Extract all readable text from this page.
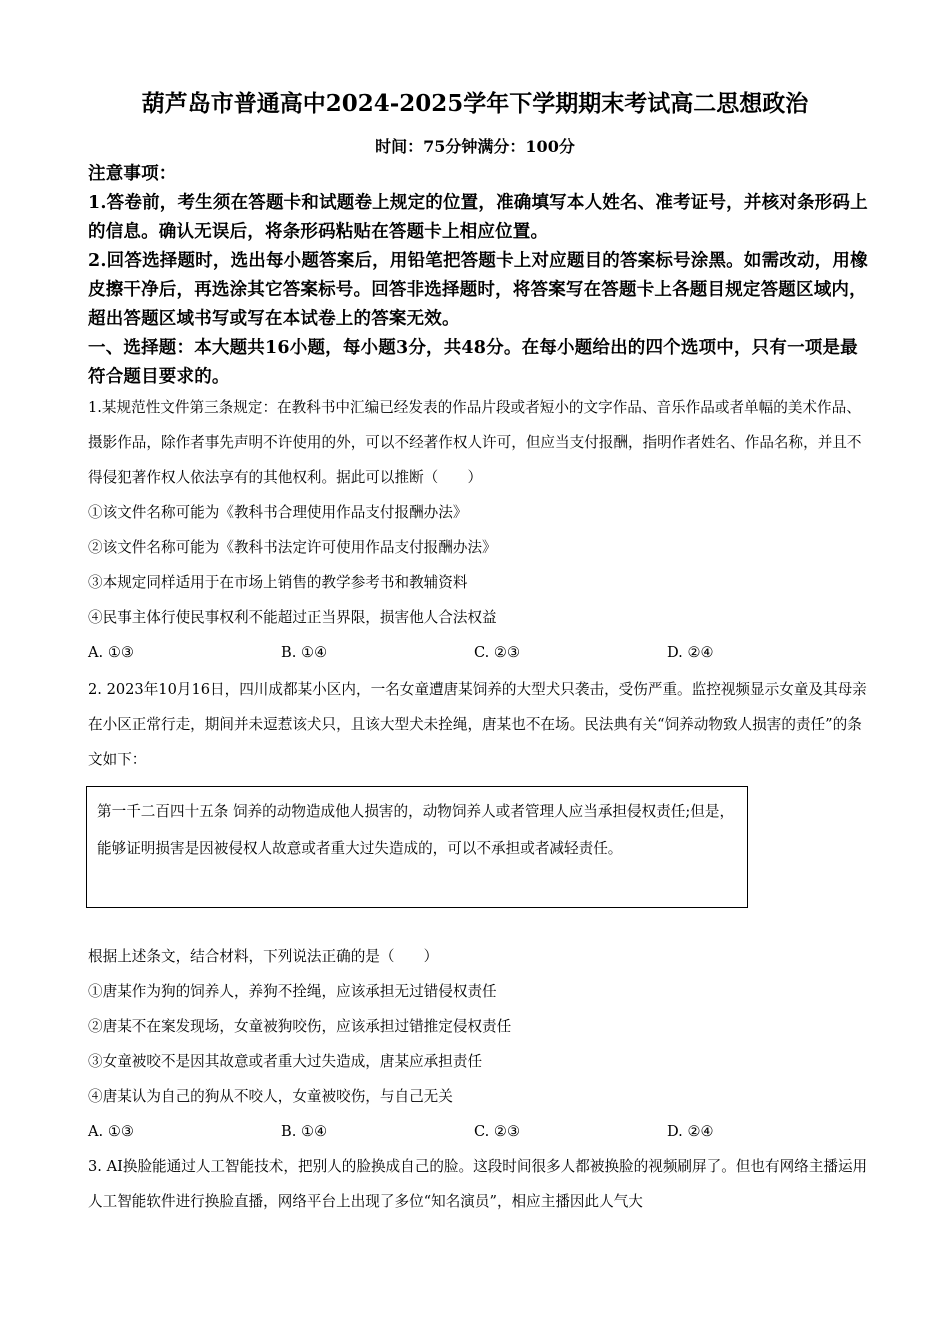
葫芦岛市普通高中2024-2025学年下学期期末考试高二思想政治
时间：75分钟满分：100分

注意事项：

1.答卷前，考生须在答题卡和试题卷上规定的位置，准确填写本人姓名、准考证号，并核对条形码上的信息。确认无误后，将条形码粘贴在答题卡上相应位置。

2.回答选择题时，选出每小题答案后，用铅笔把答题卡上对应题目的答案标号涂黑。如需改动，用橡皮擦干净后，再选涂其它答案标号。回答非选择题时，将答案写在答题卡上各题目规定答题区域内，超出答题区域书写或写在本试卷上的答案无效。

一、选择题：本大题共16小题，每小题3分，共48分。在每小题给出的四个选项中，只有一项是最符合题目要求的。

1.某规范性文件第三条规定：在教科书中汇编已经发表的作品片段或者短小的文字作品、音乐作品或者单幅的美术作品、摄影作品，除作者事先声明不许使用的外，可以不经著作权人许可，但应当支付报酬，指明作者姓名、作品名称，并且不得侵犯著作权人依法享有的其他权利。据此可以推断（　　）

①该文件名称可能为《教科书合理使用作品支付报酬办法》

②该文件名称可能为《教科书法定许可使用作品支付报酬办法》

③本规定同样适用于在市场上销售的教学参考书和教辅资料

④民事主体行使民事权利不能超过正当界限，损害他人合法权益

A. ①③	B. ①④	C. ②③	D. ②④

2. 2023年10月16日，四川成都某小区内，一名女童遭唐某饲养的大型犬只袭击，受伤严重。监控视频显示女童及其母亲在小区正常行走，期间并未逗惹该犬只，且该大型犬未拴绳，唐某也不在场。民法典有关“饲养动物致人损害的责任”的条文如下：

第一千二百四十五条 饲养的动物造成他人损害的，动物饲养人或者管理人应当承担侵权责任;但是，能够证明损害是因被侵权人故意或者重大过失造成的，可以不承担或者减轻责任。

根据上述条文，结合材料，下列说法正确的是（　　）

①唐某作为狗的饲养人，养狗不拴绳，应该承担无过错侵权责任

②唐某不在案发现场，女童被狗咬伤，应该承担过错推定侵权责任

③女童被咬不是因其故意或者重大过失造成，唐某应承担责任

④唐某认为自己的狗从不咬人，女童被咬伤，与自己无关

A. ①③	B. ①④	C. ②③	D. ②④

3. AI换脸能通过人工智能技术，把别人的脸换成自己的脸。这段时间很多人都被换脸的视频刷屏了。但也有网络主播运用人工智能软件进行换脸直播，网络平台上出现了多位“知名演员”，相应主播因此人气大
